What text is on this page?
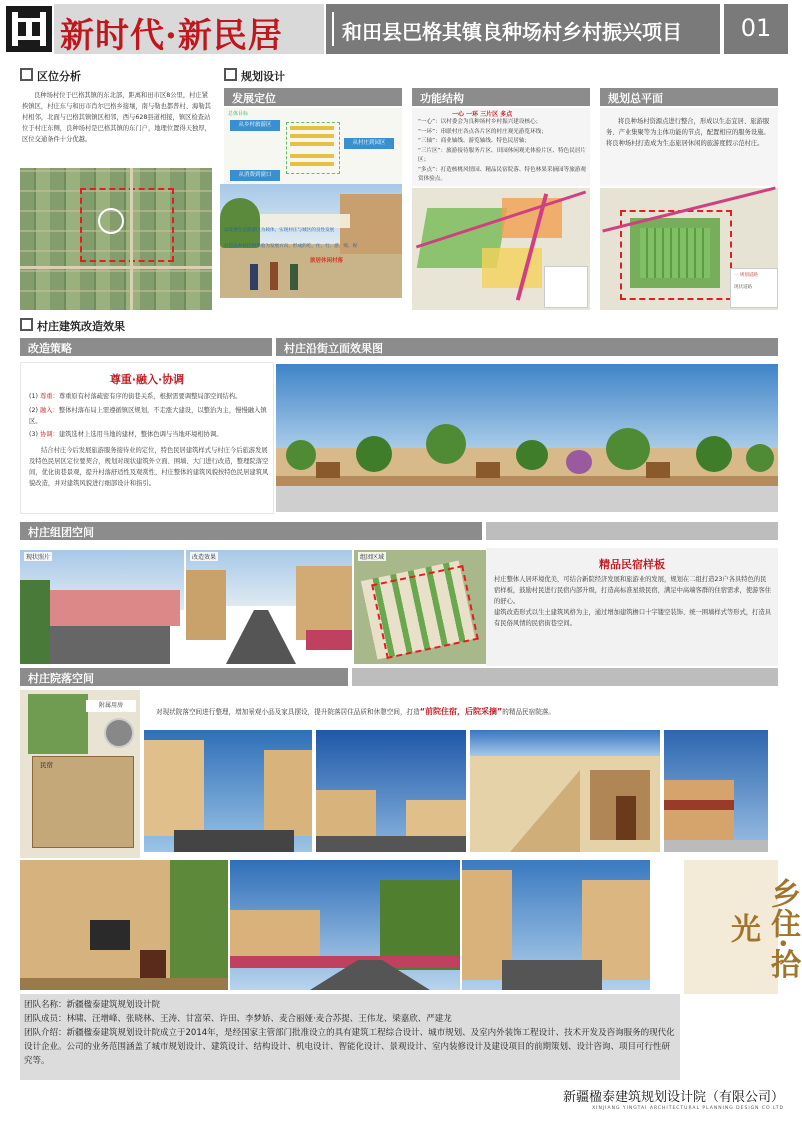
新时代·新民居	和田县巴格其镇良种场村乡村振兴项目	01
区位分析
良种场村位于巴格其镇的东北部，距离和田市区8公里，村庄紧挨镇区，村庄东与和田市肖尔巴格乡接壤，南与勒也都普村、海勒其村相邻，北面与巴格其镇镇区相邻，西与628县道相接，镇区检查站位于村庄东侧，良种场村是巴格其镇的东门户，地理位置得天独厚，区位交通条件十分优越。
规划设计
发展定位
总体目标
从乡村旅游区
从消费到窗口
从村庄到园区
以发展生态旅游区为载体，实现村庄与城区的良性发展
打造以乡村民俗体验为发展方向，形成的吃、住、行、游、购、娱
旅居休闲村落
功能结构
一心 一环 三片区 多点
“一心”：以村委会为良种场村乡村振兴建设核心；
“一环”：串联村庄各点各片区的村庄观光游览环线；
“三轴”：商业轴线、游览轴线、特色民居轴；
“三片区”：旅游接待服务片区、田园休闲观光体验片区、特色民居片区；
“多点”：打造核桃风情园、精品民宿院落、特色林果采摘园等旅游观赏体验点。
规划总平面
将良种场村资源点进行整合，形成以生态宜居、旅游服务、产业集聚等为主体功能的节点，配置相应的服务设施。将良种场村打造成为生态旅居休闲的旅游度假示范村庄。
一 规划道路
现状道路
村庄建筑改造效果
改造策略	村庄沿街立面效果图
尊重·融入·协调
(1) 尊重：尊重原有村落疏密有序的街巷关系，根据需要调整局部空间结构。
(2) 融入：整体村落布局上需遵循镇区规划，不走涨大建设，以整治为主，慢慢融入镇区。
(3) 协调：建筑选材上选用当地的建材，整体色调与当地环境相协调。
结合村庄今后发展旅游服务接待业的定位，特色民居建筑样式与村庄今后旅游发展及特色民居区定位要契合，规划对现状建筑外立面、围墙、大门进行改造，整理院落空间，优化街巷景观，提升村落舒适性及观赏性，村庄整体的建筑风貌按特色民居建筑风貌改造，并对建筑风貌进行细部设计和指引。
村庄组团空间
现状照片	改造效果	组团区域
精品民宿样板
村庄整体人居环境优美，可结合新院经济发展和旅游业的发展，规划在二组打造23户各具特色的民宿样板，鼓励村民进行民宿内部升级，打造高标准星级民宿，满足中高端客群的住宿需求，使游客住的舒心。
建筑改造形式以生土建筑风格为主，通过增加建筑檐口十字镂空装饰、统一围墙样式等形式，打造具有民俗风情的民宿街巷空间。
村庄院落空间
附属用房
民宿
对现状院落空间进行整理，增加景观小品及家具摆设，提升院落居住品质和休憩空间，打造“前院住宿，后院采摘”的精品民宿院落。
乡住·拾光
团队名称：新疆楹泰建筑规划设计院
团队成员：林啸、汪增峰、张晓林、王涛、甘富荣、许田、李梦娇、麦合丽娅·麦合苏提、王伟龙、梁嘉欣、严建龙
团队介绍：新疆楹泰建筑规划设计院成立于2014年，是经国家主管部门批准设立的具有建筑工程综合设计、城市规划、及室内外装饰工程设计、技术开发及咨询服务的现代化设计企业。公司的业务范围涵盖了城市规划设计、建筑设计、结构设计、机电设计、智能化设计、景观设计、室内装修设计及建设项目的前期策划、设计咨询、项目可行性研究等。
新疆楹泰建筑规划设计院（有限公司）
XINJIANG YINGTAI ARCHITECTURAL PLANNING DESIGN CO.LTD
